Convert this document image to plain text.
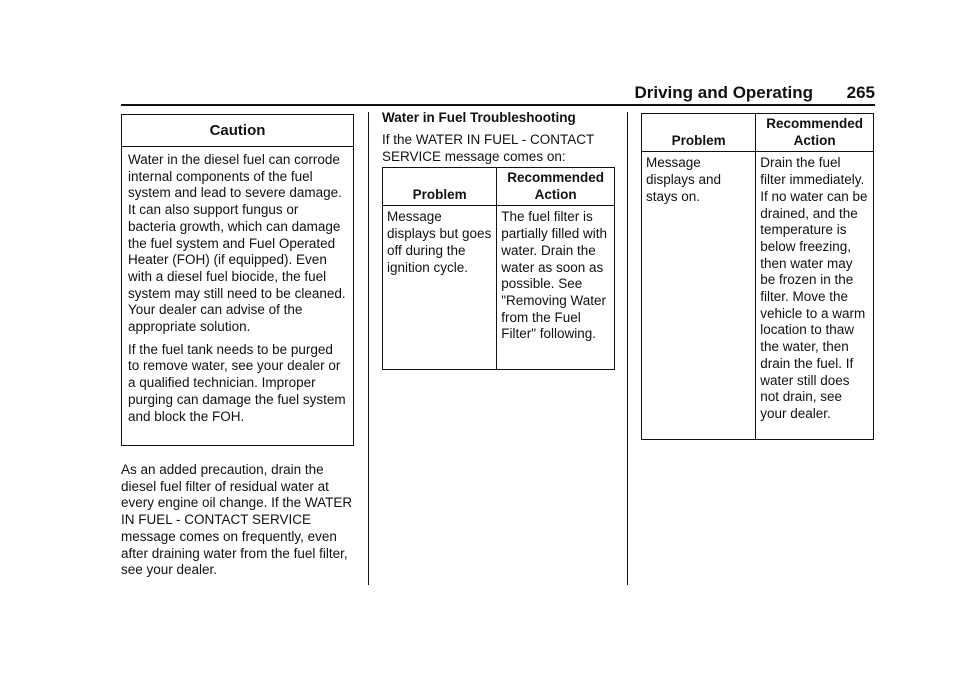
Driving and Operating 265
Caution

Water in the diesel fuel can corrode internal components of the fuel system and lead to severe damage. It can also support fungus or bacteria growth, which can damage the fuel system and Fuel Operated Heater (FOH) (if equipped). Even with a diesel fuel biocide, the fuel system may still need to be cleaned. Your dealer can advise of the appropriate solution.

If the fuel tank needs to be purged to remove water, see your dealer or a qualified technician. Improper purging can damage the fuel system and block the FOH.

As an added precaution, drain the diesel fuel filter of residual water at every engine oil change. If the WATER IN FUEL - CONTACT SERVICE message comes on frequently, even after draining water from the fuel filter, see your dealer.

Water in Fuel Troubleshooting

If the WATER IN FUEL - CONTACT SERVICE message comes on:

Problem	Recommended Action
Message displays but goes off during the ignition cycle.	The fuel filter is partially filled with water. Drain the water as soon as possible. See "Removing Water from the Fuel Filter" following.
Problem	Recommended Action
Message displays and stays on.	Drain the fuel filter immediately.
If no water can be drained, and the temperature is below freezing, then water may be frozen in the filter. Move the vehicle to a warm location to thaw the water, then drain the fuel. If water still does not drain, see your dealer.
